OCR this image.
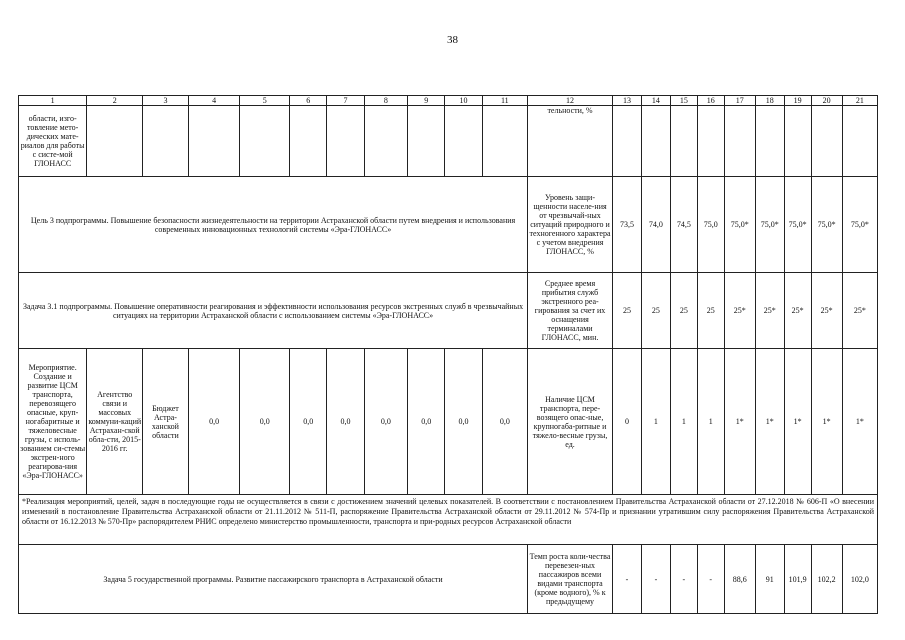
38
1	2	3	4	5	6	7	8	9	10	11	12	13	14	15	16	17	18	19	20	21
области, изго-товление мето-дических матe-риалов для работы с систе-мой ГЛОНАСС											тельности, %									
Цель 3 подпрограммы. Повышение безопасности жизнедеятельности на территории Астраханской области путем внедрения и использования современных инновационных технологий системы «Эра-ГЛОНАСС»											Уровень защи-щенности населе-ния от чрезвычай-ных ситуаций природного и техногенного характера с учетом внедрения ГЛОНАСС, %	73,5	74,0	74,5	75,0	75,0*	75,0*	75,0*	75,0*	75,0*
Задача 3.1 подпрограммы. Повышение оперативности реагирования и эффективности использования ресурсов экстренных служб в чрезвычайных ситуациях на территории Астраханской области с использованием системы «Эра-ГЛОНАСС»											Среднее время прибытия служб экстренного реа-гирования за счет их оснащения терминалами ГЛОНАСС, мин.	25	25	25	25	25*	25*	25*	25*	25*
Мероприятие. Создание и развитие ЦСМ транспорта, перевозящего опасные, круп-ногабаритные и тяжеловесные грузы, с исполь-зованием си-стемы экстрен-ного реагирова-ния «Эра-ГЛОНАСС»	Агентство связи и массовых коммуни-каций Астрахан-ской обла-сти, 2015-2016 гг.	Бюджет Астра-ханской области	0,0	0,0	0,0	0,0	0,0	0,0	0,0	0,0	Наличие ЦСМ транспорта, пере-возящего опас-ные, крупногаба-ритные и тяжело-весные грузы, ед.	0	1	1	1	1*	1*	1*	1*	1*
*Реализация мероприятий, целей, задач в последующие годы не осуществляется в связи с достижением значений целевых показателей. В соответствии с постановлением Правительства Астраханской области от 27.12.2018 № 606-П «О внесении изменений в постановление Правительства Астраханской области от 21.11.2012 № 511-П, распоряжение Правительства Астраханской области от 29.11.2012 № 574-Пр и признании утратившим силу распоряжения Правительства Астраханской области от 16.12.2013 № 570-Пр» распорядителем РНИС определено министерство промышленности, транспорта и при-родных ресурсов Астраханской области																				
Задача 5 государственной программы. Развитие пассажирского транспорта в Астраханской области											Темп роста коли-чества перевезен-ных пассажиров всеми видами транспорта (кроме водного), % к предыдущему	-	-	-	-	88,6	91	101,9	102,2	102,0
